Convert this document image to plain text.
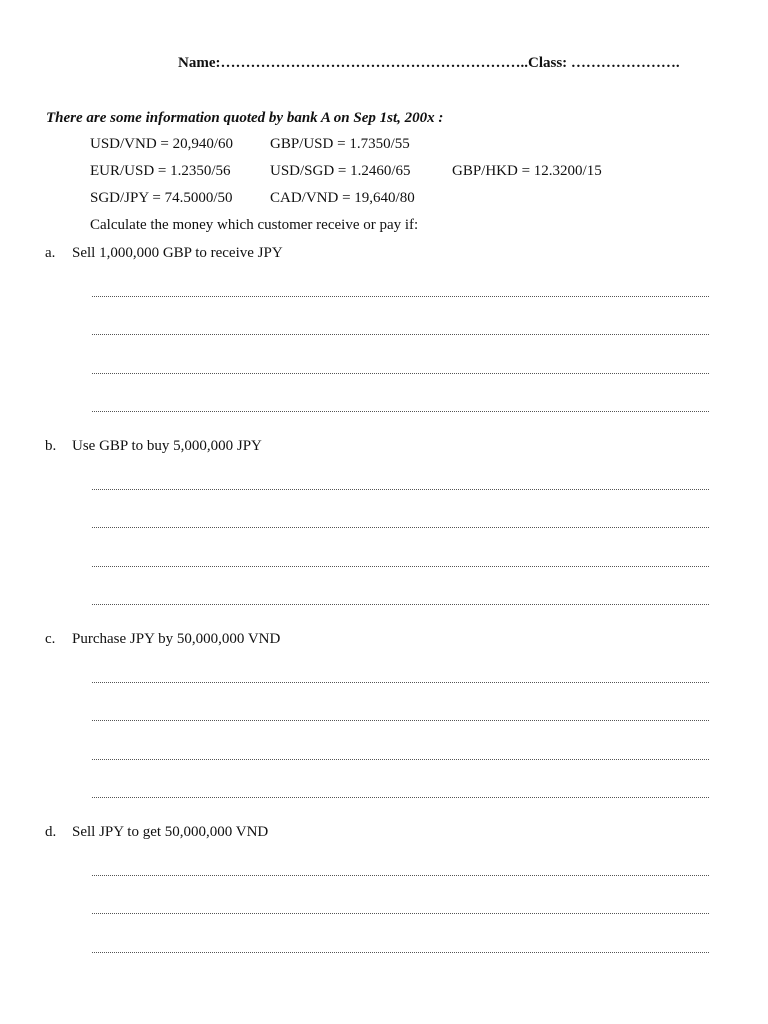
Name:……………………………………………………..Class: ………………….
There are some information quoted by bank A on Sep 1st, 200x :
USD/VND = 20,940/60 GBP/USD = 1.7350/55
EUR/USD = 1.2350/56	USD/SGD = 1.2460/65	GBP/HKD = 12.3200/15
SGD/JPY = 74.5000/50 CAD/VND = 19,640/80
Calculate the money which customer receive or pay if:
a. Sell 1,000,000 GBP to receive JPY
b. Use GBP to buy 5,000,000 JPY
c. Purchase JPY by 50,000,000 VND
d. Sell JPY to get 50,000,000 VND
